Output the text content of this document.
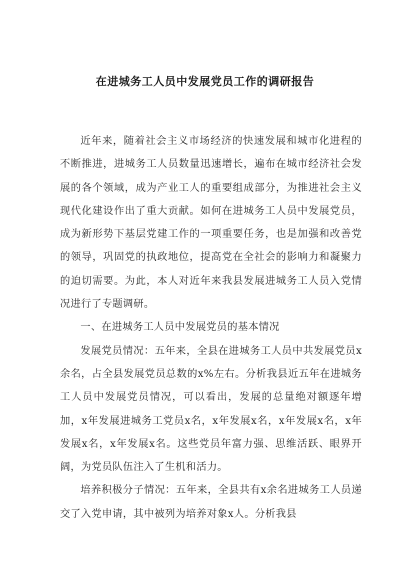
在进城务工人员中发展党员工作的调研报告

近年来，随着社会主义市场经济的快速发展和城市化进程的不断推进，进城务工人员数量迅速增长，遍布在城市经济社会发展的各个领域，成为产业工人的重要组成部分，为推进社会主义现代化建设作出了重大贡献。如何在进城务工人员中发展党员，成为新形势下基层党建工作的一项重要任务，也是加强和改善党的领导，巩固党的执政地位，提高党在全社会的影响力和凝聚力的迫切需要。为此，本人对近年来我县发展进城务工人员入党情况进行了专题调研。

一、在进城务工人员中发展党员的基本情况

发展党员情况：五年来，全县在进城务工人员中共发展党员x余名，占全县发展党员总数的x%左右。分析我县近五年在进城务工人员中发展党员情况，可以看出，发展的总量绝对额逐年增加，x年发展进城务工党员x名，x年发展x名，x年发展x名，x年发展x名，x年发展x名。这些党员年富力强、思维活跃、眼界开阔，为党员队伍注入了生机和活力。

培养积极分子情况：五年来，全县共有x余名进城务工人员递交了入党申请，其中被列为培养对象x人。分析我县
